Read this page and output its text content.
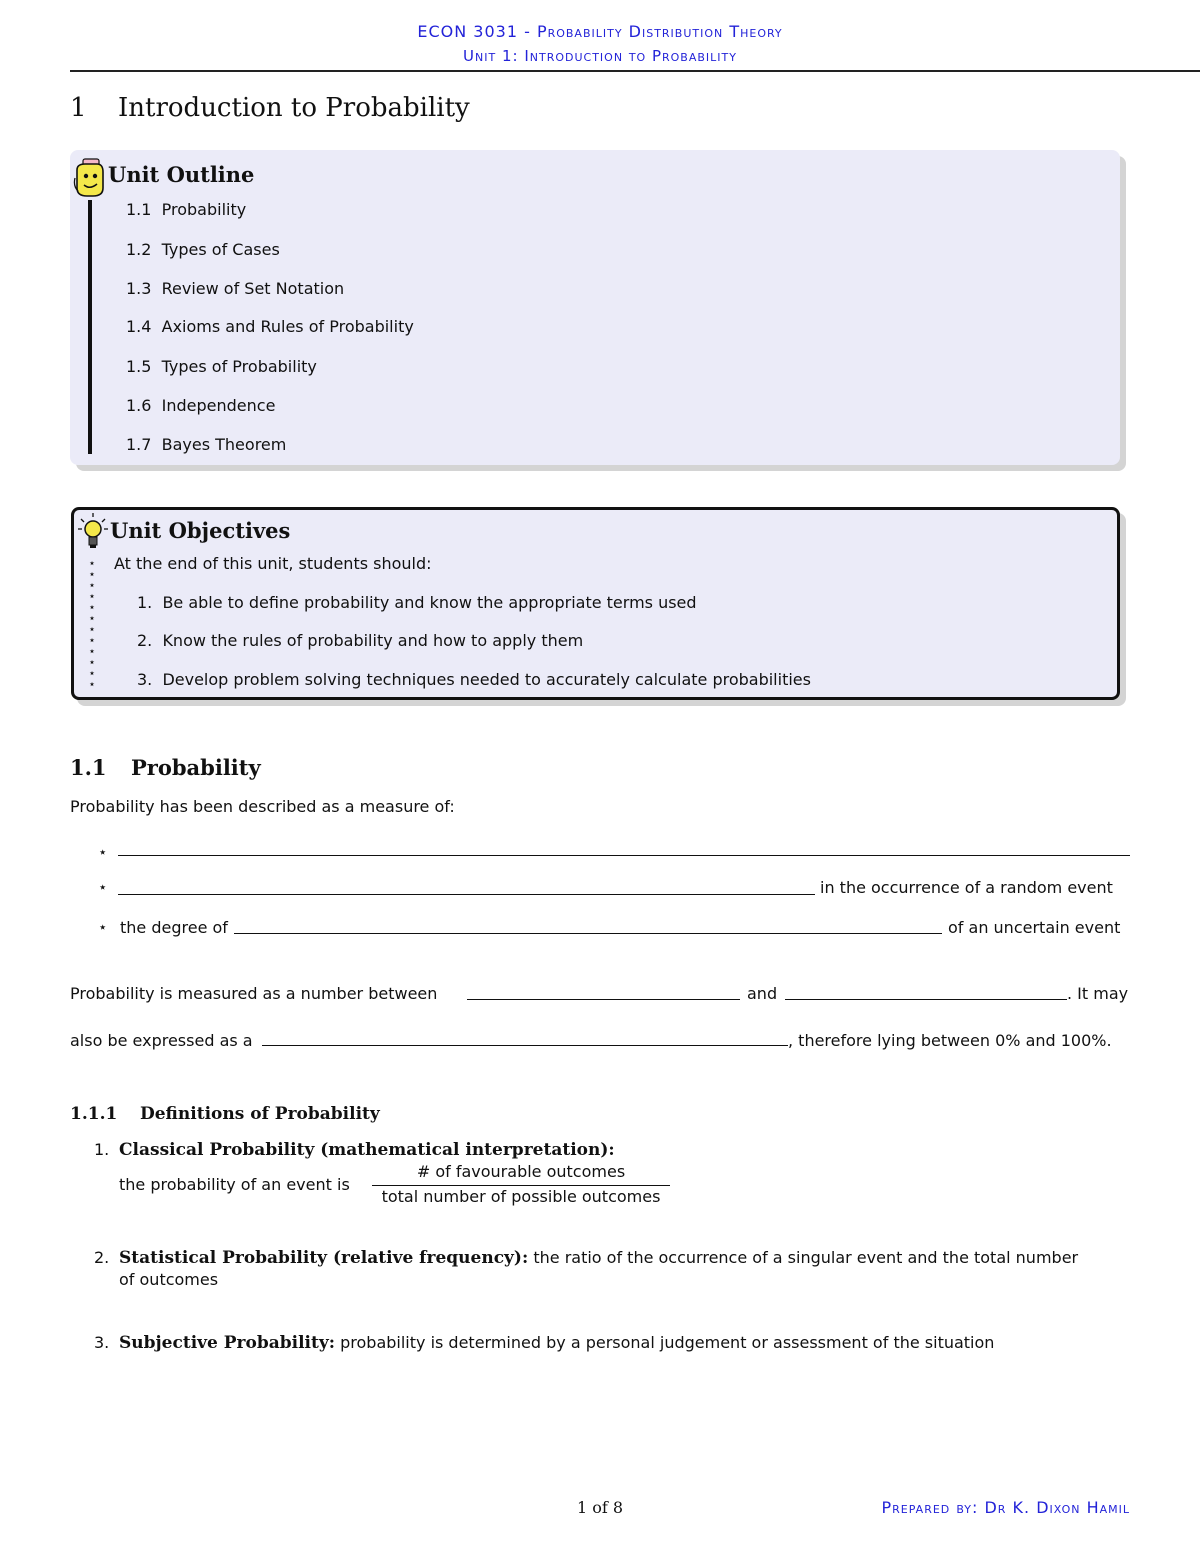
ECON 3031 - Probability Distribution Theory
Unit 1: Introduction to Probability
1 Introduction to Probability
Unit Outline
1.1 Probability
1.2 Types of Cases
1.3 Review of Set Notation
1.4 Axioms and Rules of Probability
1.5 Types of Probability
1.6 Independence
1.7 Bayes Theorem
Unit Objectives
⋆
⋆
⋆
⋆
⋆
⋆
⋆
⋆
⋆
⋆
⋆
⋆
At the end of this unit, students should:
1. Be able to define probability and know the appropriate terms used
2. Know the rules of probability and how to apply them
3. Develop problem solving techniques needed to accurately calculate probabilities
1.1 Probability
Probability has been described as a measure of:
⋆
⋆	in the occurrence of a random event
⋆ the degree of	of an uncertain event
Probability is measured as a number between	and	. It may
also be expressed as a	, therefore lying between 0% and 100%.
1.1.1 Definitions of Probability
1. Classical Probability (mathematical interpretation):
the probability of an event is
# of favourable outcomes
total number of possible outcomes
2. Statistical Probability (relative frequency): the ratio of the occurrence of a singular event and the total number
of outcomes
3. Subjective Probability: probability is determined by a personal judgement or assessment of the situation
1 of 8	Prepared by: Dr K. Dixon Hamil
